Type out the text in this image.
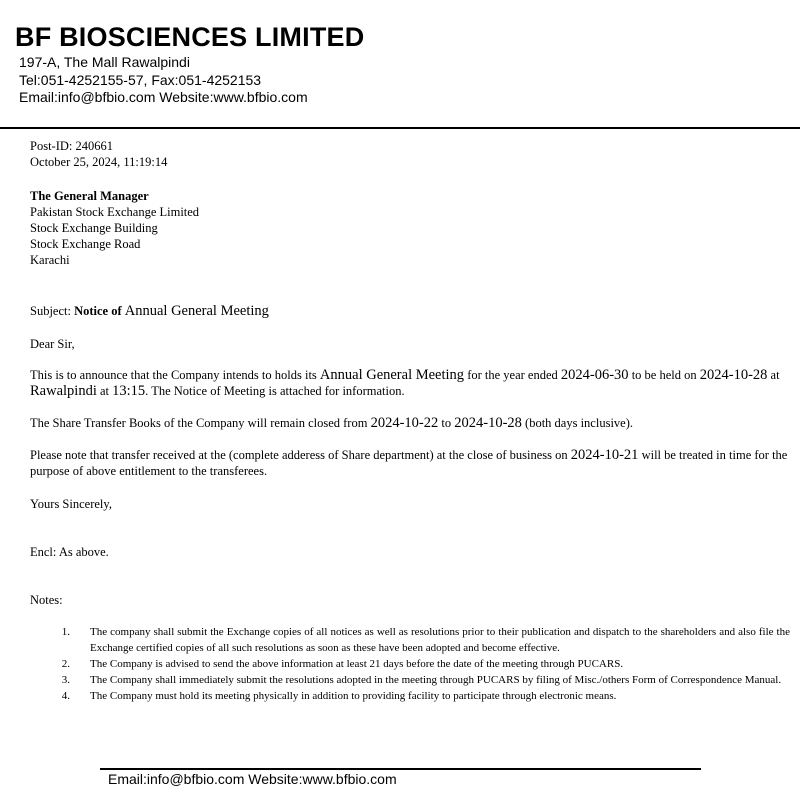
BF BIOSCIENCES LIMITED
197-A, The Mall Rawalpindi
Tel:051-4252155-57, Fax:051-4252153
Email:info@bfbio.com Website:www.bfbio.com
Post-ID: 240661
October 25, 2024, 11:19:14
The General Manager
Pakistan Stock Exchange Limited
Stock Exchange Building
Stock Exchange Road
Karachi
Subject: Notice of Annual General Meeting
Dear Sir,
This is to announce that the Company intends to holds its Annual General Meeting for the year ended 2024-06-30 to be held on 2024-10-28 at Rawalpindi at 13:15. The Notice of Meeting is attached for information.
The Share Transfer Books of the Company will remain closed from 2024-10-22 to 2024-10-28 (both days inclusive).
Please note that transfer received at the (complete adderess of Share department) at the close of business on 2024-10-21 will be treated in time for the purpose of above entitlement to the transferees.
Yours Sincerely,
Encl: As above.
Notes:
1.	The company shall submit the Exchange copies of all notices as well as resolutions prior to their publication and dispatch to the shareholders and also file the Exchange certified copies of all such resolutions as soon as these have been adopted and become effective.
2.	The Company is advised to send the above information at least 21 days before the date of the meeting through PUCARS.
3.	The Company shall immediately submit the resolutions adopted in the meeting through PUCARS by filing of Misc./others Form of Correspondence Manual.
4.	The Company must hold its meeting physically in addition to providing facility to participate through electronic means.
Email:info@bfbio.com Website:www.bfbio.com
